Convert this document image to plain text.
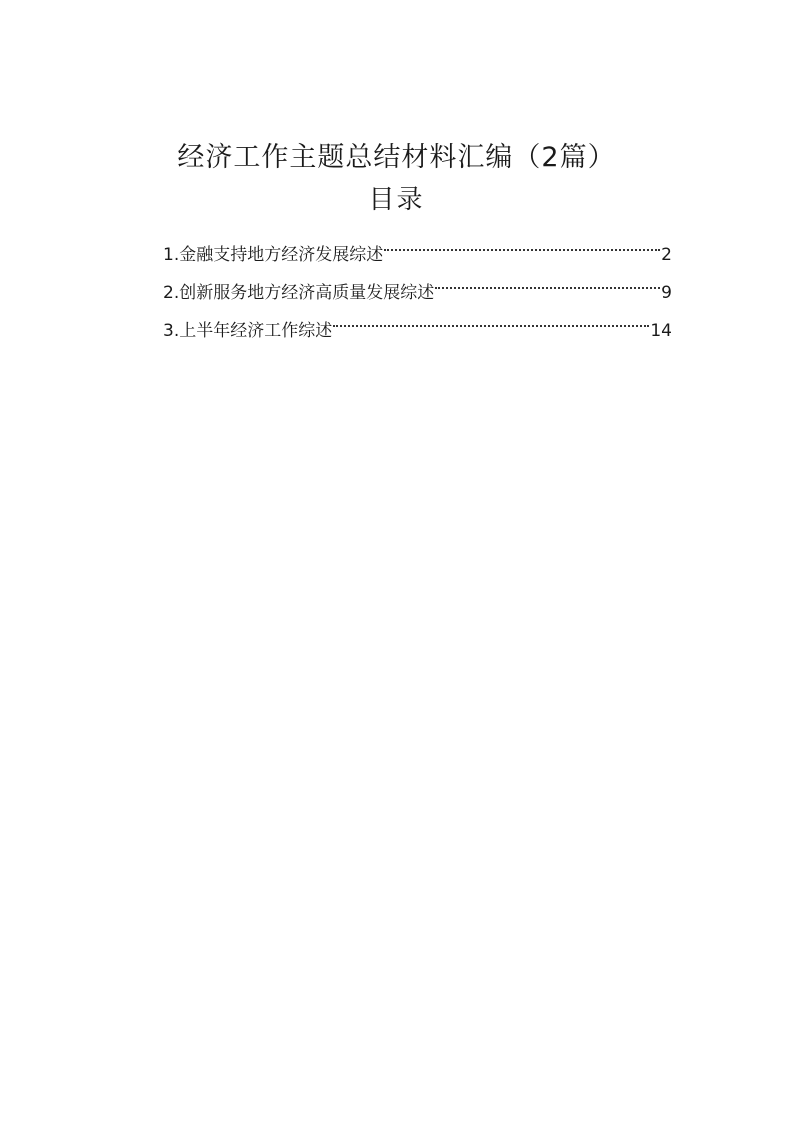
经济工作主题总结材料汇编（2篇）
目录
1.金融支持地方经济发展综述	2
2.创新服务地方经济高质量发展综述	9
3.上半年经济工作综述	14
